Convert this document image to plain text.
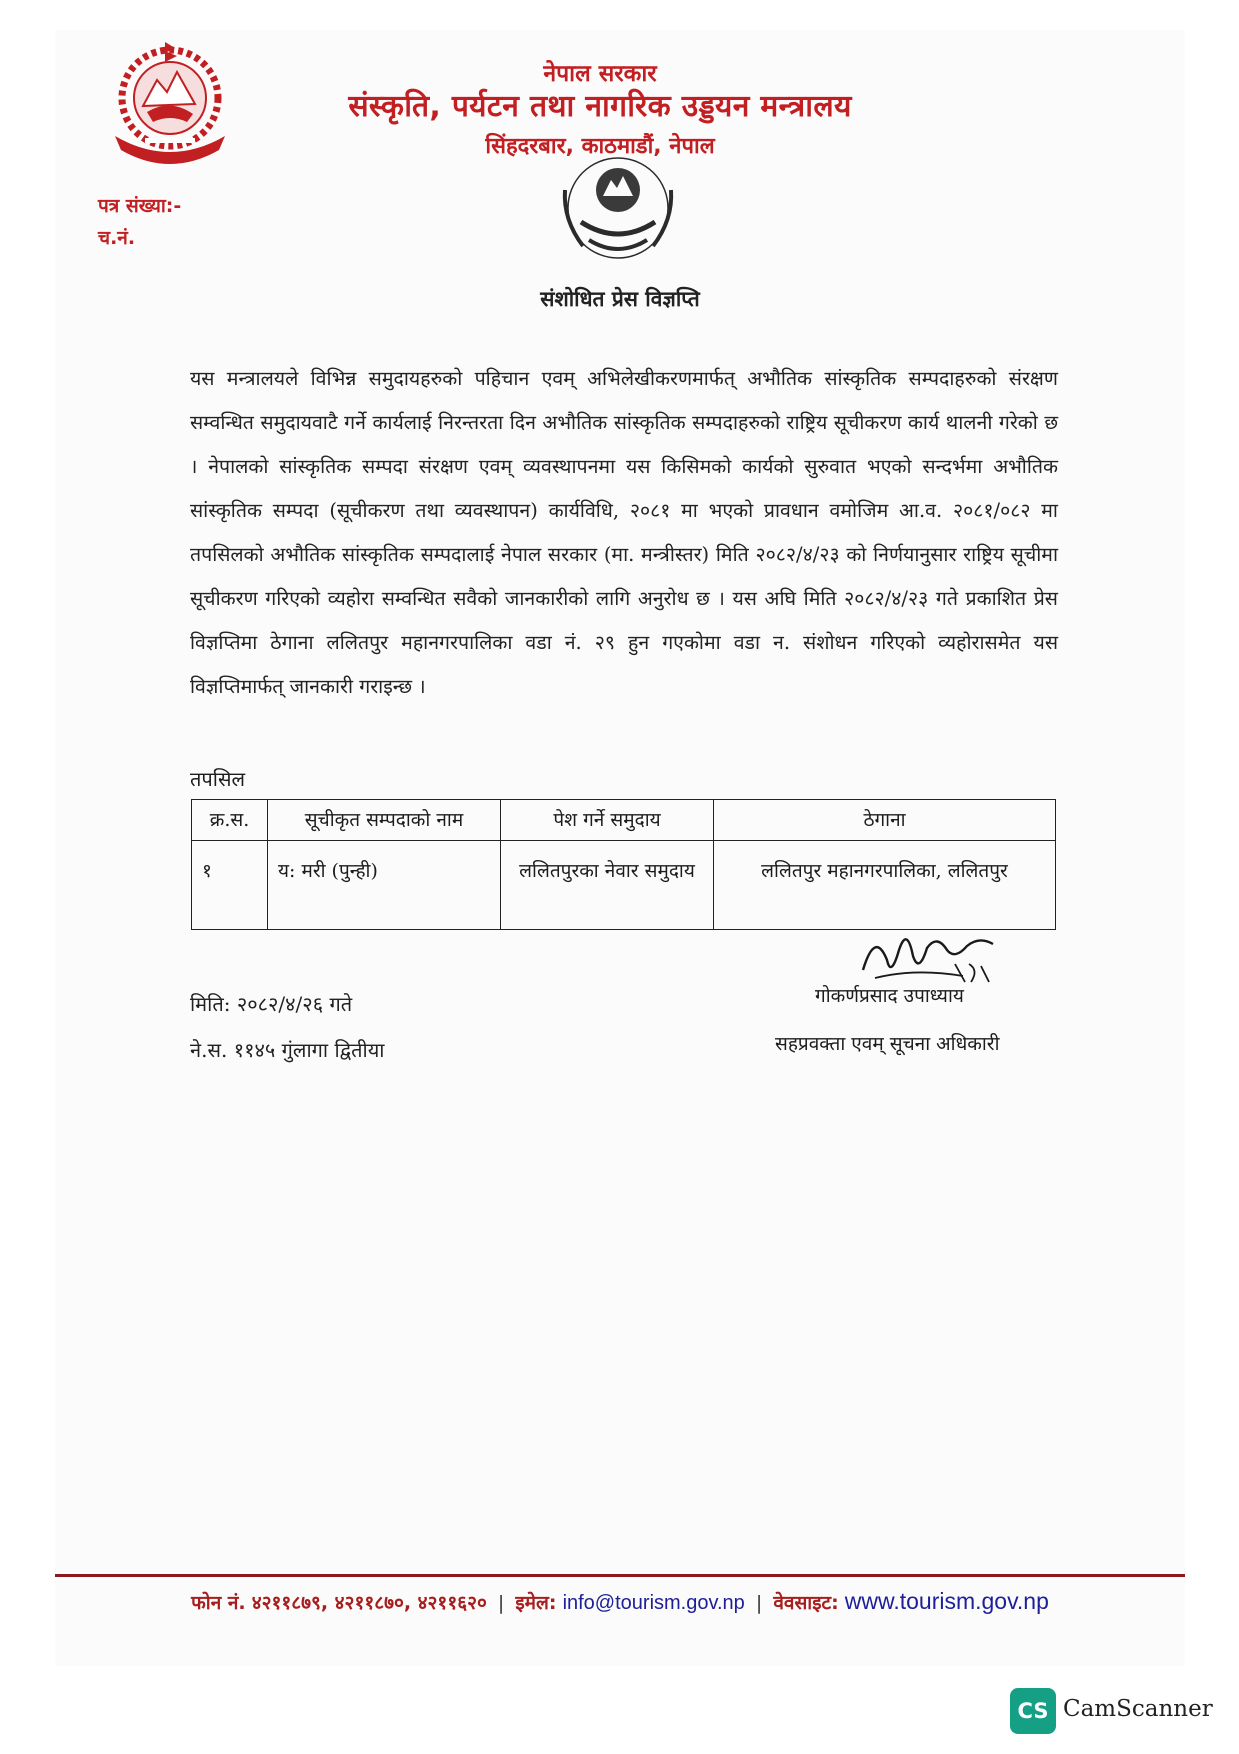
नेपाल सरकार
संस्कृति, पर्यटन तथा नागरिक उड्डयन मन्त्रालय
सिंहदरबार, काठमाडौं, नेपाल
पत्र संख्या:-
च.नं.
संशोधित प्रेस विज्ञप्ति
यस मन्त्रालयले विभिन्न समुदायहरुको पहिचान एवम् अभिलेखीकरणमार्फत् अभौतिक सांस्कृतिक सम्पदाहरुको संरक्षण सम्वन्धित समुदायवाटै गर्ने कार्यलाई निरन्तरता दिन अभौतिक सांस्कृतिक सम्पदाहरुको राष्ट्रिय सूचीकरण कार्य थालनी गरेको छ । नेपालको सांस्कृतिक सम्पदा संरक्षण एवम् व्यवस्थापनमा यस किसिमको कार्यको सुरुवात भएको सन्दर्भमा अभौतिक सांस्कृतिक सम्पदा (सूचीकरण तथा व्यवस्थापन) कार्यविधि, २०८१ मा भएको प्रावधान वमोजिम आ.व. २०८१/०८२ मा तपसिलको अभौतिक सांस्कृतिक सम्पदालाई नेपाल सरकार (मा. मन्त्रीस्तर) मिति २०८२/४/२३ को निर्णयानुसार राष्ट्रिय सूचीमा सूचीकरण गरिएको व्यहोरा सम्वन्धित सवैको जानकारीको लागि अनुरोध छ । यस अघि मिति २०८२/४/२३ गते प्रकाशित प्रेस विज्ञप्तिमा ठेगाना ललितपुर महानगरपालिका वडा नं. २९ हुन गएकोमा वडा न. संशोधन गरिएको व्यहोरासमेत यस विज्ञप्तिमार्फत् जानकारी गराइन्छ ।
तपसिल
क्र.स.	सूचीकृत सम्पदाको नाम	पेश गर्ने समुदाय	ठेगाना
१	य: मरी (पुन्ही)	ललितपुरका नेवार समुदाय	ललितपुर महानगरपालिका, ललितपुर
गोकर्णप्रसाद उपाध्याय
सहप्रवक्ता एवम् सूचना अधिकारी
मिति: २०८२/४/२६ गते
ने.स. ११४५ गुंलागा द्वितीया
फोन नं. ४२११८७९, ४२११८७०, ४२११६२० | इमेल: info@tourism.gov.np | वेवसाइट: www.tourism.gov.np
CS CamScanner
